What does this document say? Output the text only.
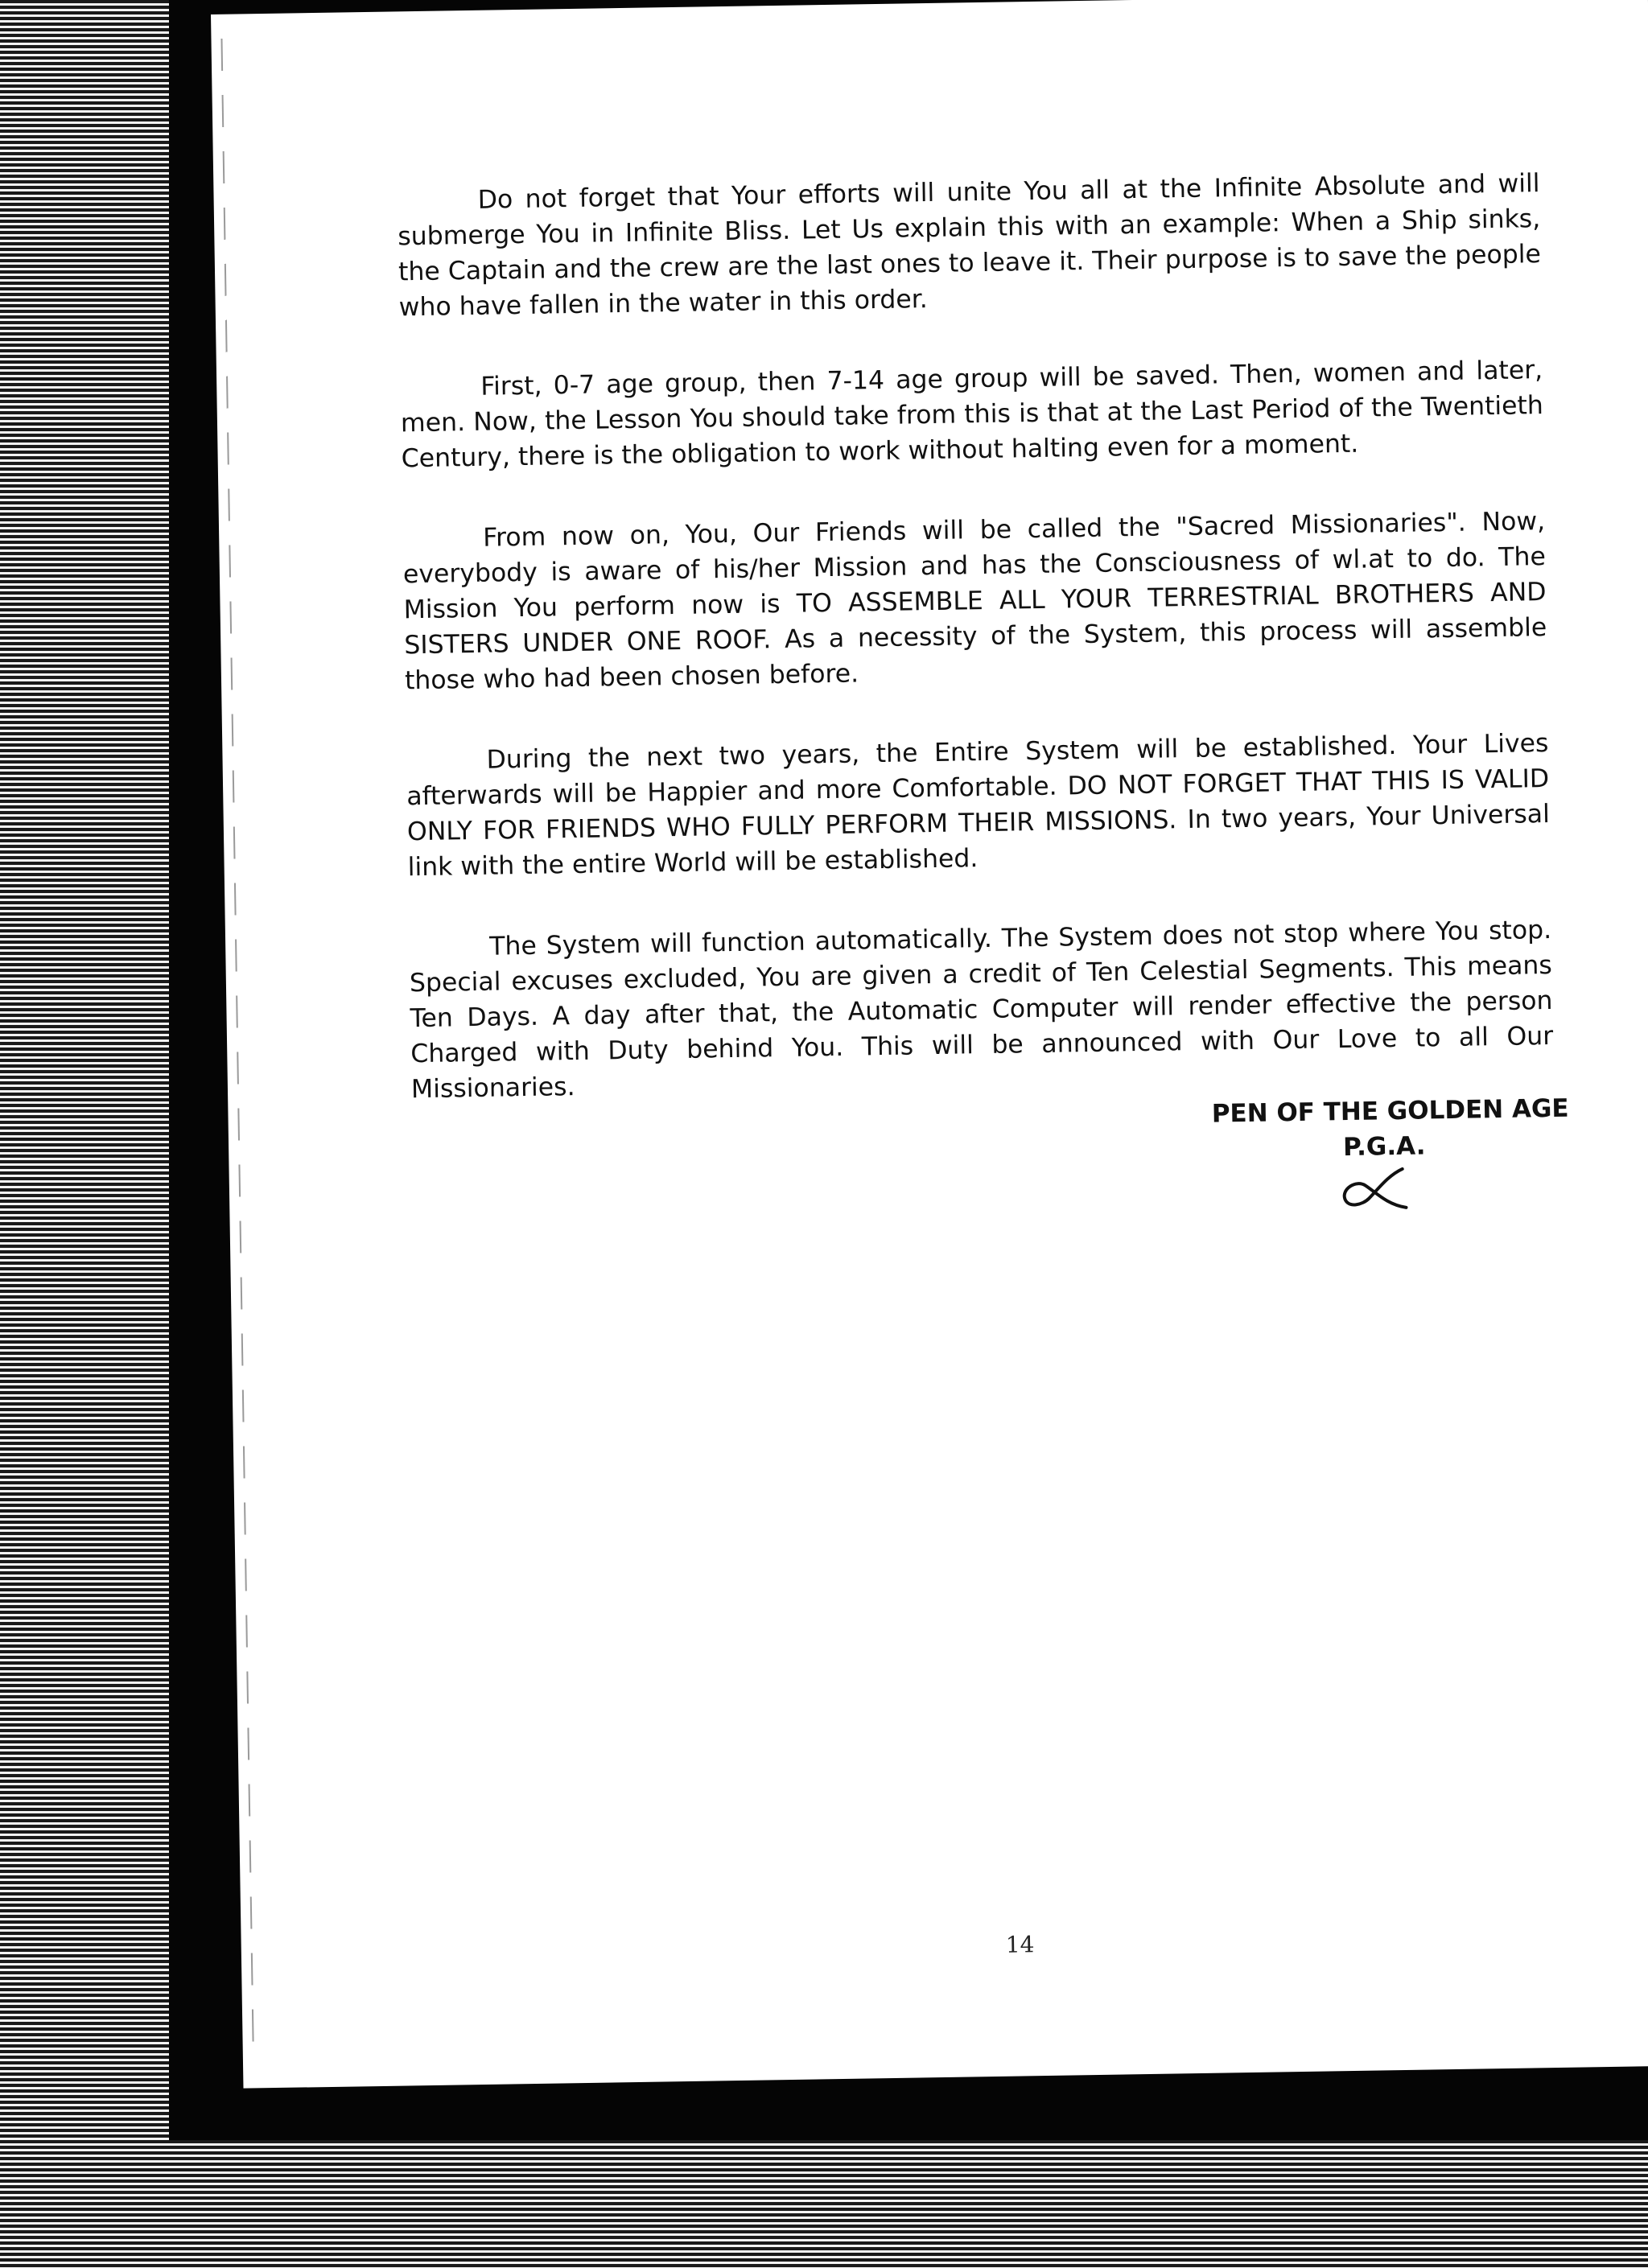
Do not forget that Your efforts will unite You all at the Infinite Absolute and will submerge You in Infinite Bliss. Let Us explain this with an example: When a Ship sinks, the Captain and the crew are the last ones to leave it. Their purpose is to save the people who have fallen in the water in this order.

First, 0-7 age group, then 7-14 age group will be saved. Then, women and later, men. Now, the Lesson You should take from this is that at the Last Period of the Twentieth Century, there is the obligation to work without halting even for a moment.

From now on, You, Our Friends will be called the "Sacred Missionaries". Now, everybody is aware of his/her Mission and has the Consciousness of wl.at to do. The Mission You perform now is TO ASSEMBLE ALL YOUR TERRESTRIAL BROTHERS AND SISTERS UNDER ONE ROOF. As a necessity of the System, this process will assemble those who had been chosen before.

During the next two years, the Entire System will be established. Your Lives afterwards will be Happier and more Comfortable. DO NOT FORGET THAT THIS IS VALID ONLY FOR FRIENDS WHO FULLY PERFORM THEIR MISSIONS. In two years, Your Universal link with the entire World will be established.

The System will function automatically. The System does not stop where You stop. Special excuses excluded, You are given a credit of Ten Celestial Segments. This means Ten Days. A day after that, the Automatic Computer will render effective the person Charged with Duty behind You. This will be announced with Our Love to all Our Missionaries.

PEN OF THE GOLDEN AGE
P.G.A.
14
